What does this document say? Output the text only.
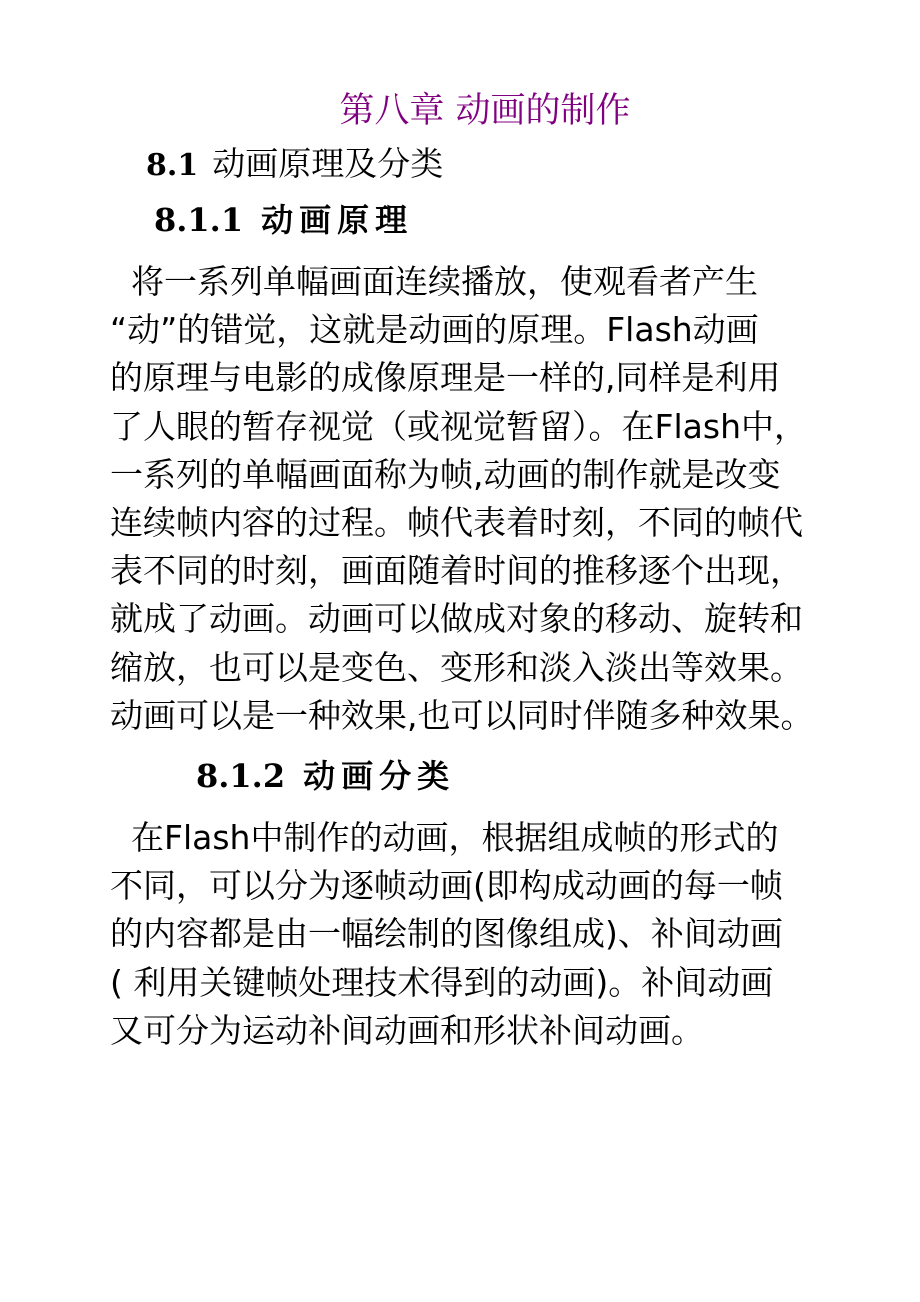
第八章 动画的制作
8.1 动画原理及分类
8.1.1 动画原理
将一系列单幅画面连续播放，使观看者产生
“动”的错觉，这就是动画的原理。Flash动画
的原理与电影的成像原理是一样的,同样是利用
了人眼的暂存视觉（或视觉暂留）。在Flash中，
一系列的单幅画面称为帧,动画的制作就是改变
连续帧内容的过程。帧代表着时刻，不同的帧代
表不同的时刻，画面随着时间的推移逐个出现，
就成了动画。动画可以做成对象的移动、旋转和
缩放，也可以是变色、变形和淡入淡出等效果。
动画可以是一种效果,也可以同时伴随多种效果。
8.1.2 动画分类
在Flash中制作的动画，根据组成帧的形式的
不同，可以分为逐帧动画(即构成动画的每一帧
的内容都是由一幅绘制的图像组成)、补间动画
( 利用关键帧处理技术得到的动画)。补间动画
又可分为运动补间动画和形状补间动画。
